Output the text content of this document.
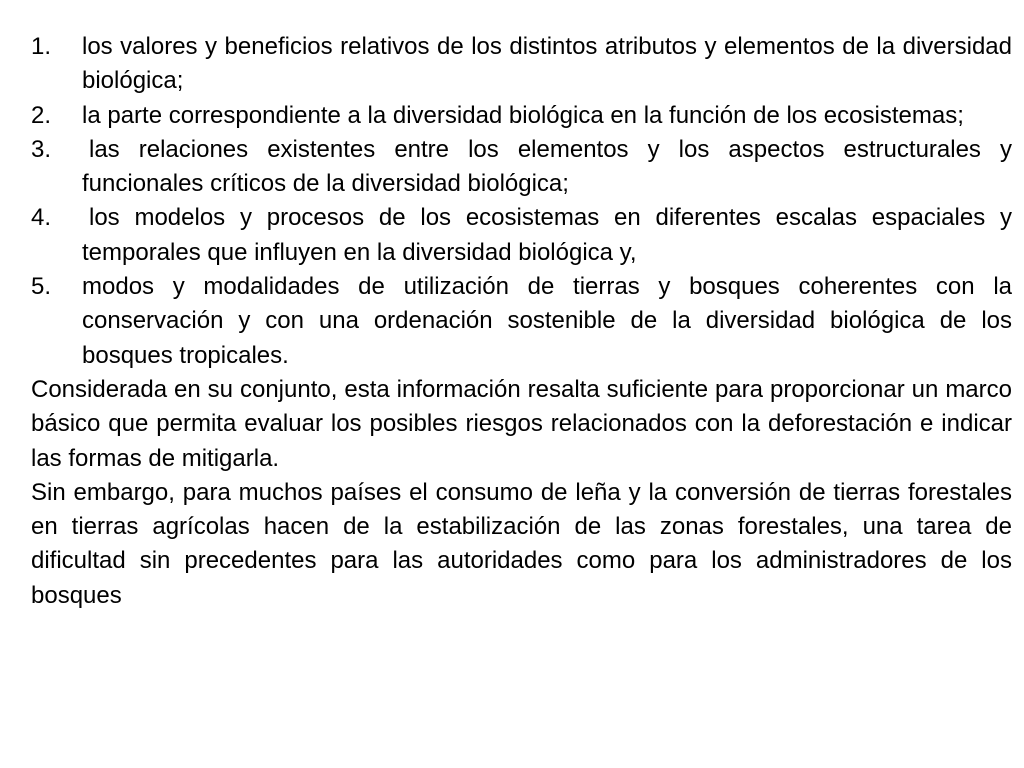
1. los valores y beneficios relativos de los distintos atributos y elementos de la diversidad biológica;
2. la parte correspondiente a la diversidad biológica en la función de los ecosistemas;
3. las relaciones existentes entre los elementos y los aspectos estructurales y funcionales críticos de la diversidad biológica;
4. los modelos y procesos de los ecosistemas en diferentes escalas espaciales y temporales que influyen en la diversidad biológica y,
5. modos y modalidades de utilización de tierras y bosques coherentes con la conservación y con una ordenación sostenible de la diversidad biológica de los bosques tropicales.

Considerada en su conjunto, esta información resalta suficiente para proporcionar un marco básico que permita evaluar los posibles riesgos relacionados con la deforestación e indicar las formas de mitigarla.

Sin embargo, para muchos países el consumo de leña y la conversión de tierras forestales en tierras agrícolas hacen de la estabilización de las zonas forestales, una tarea de dificultad sin precedentes para las autoridades como para los administradores de los bosques
